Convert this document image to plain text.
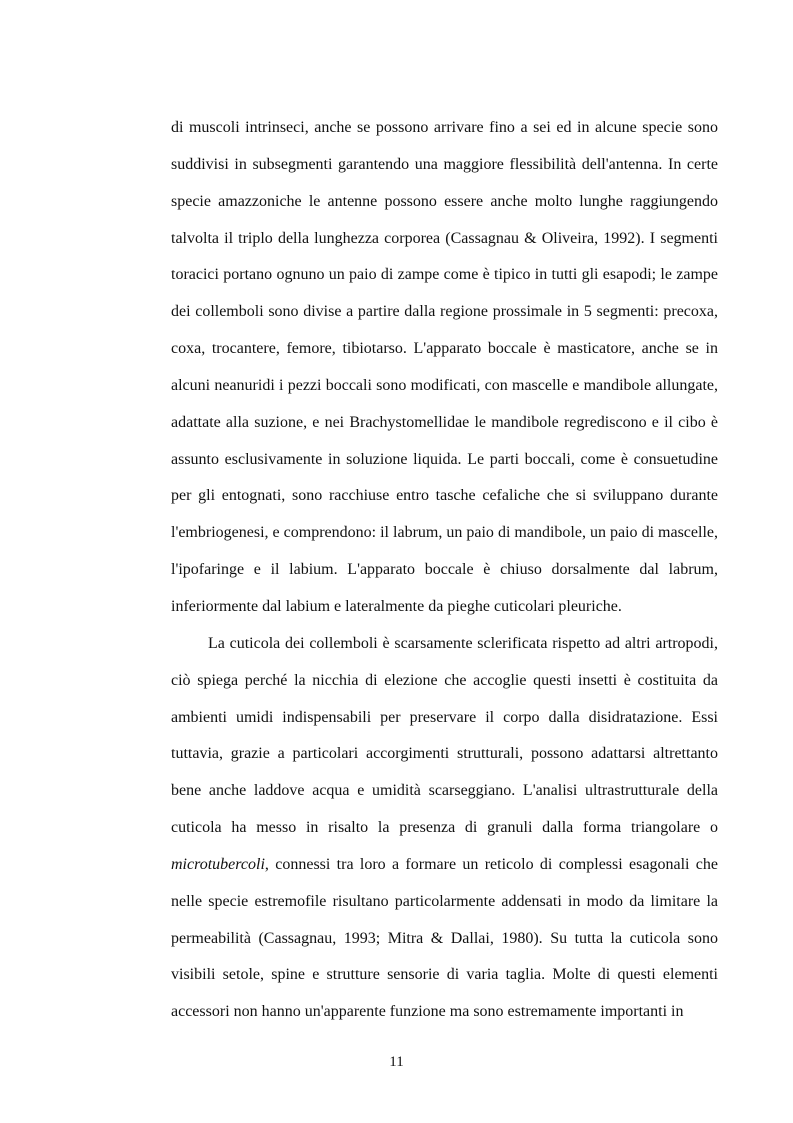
di muscoli intrinseci, anche se possono arrivare fino a sei ed in alcune specie sono suddivisi in subsegmenti garantendo una maggiore flessibilità dell'antenna. In certe specie amazzoniche le antenne possono essere anche molto lunghe raggiungendo talvolta il triplo della lunghezza corporea (Cassagnau & Oliveira, 1992). I segmenti toracici portano ognuno un paio di zampe come è tipico in tutti gli esapodi; le zampe dei collemboli sono divise a partire dalla regione prossimale in 5 segmenti: precoxa, coxa, trocantere, femore, tibiotarso. L'apparato boccale è masticatore, anche se in alcuni neanuridi i pezzi boccali sono modificati, con mascelle e mandibole allungate, adattate alla suzione, e nei Brachystomellidae le mandibole regrediscono e il cibo è assunto esclusivamente in soluzione liquida. Le parti boccali, come è consuetudine per gli entognati, sono racchiuse entro tasche cefaliche che si sviluppano durante l'embriogenesi, e comprendono: il labrum, un paio di mandibole, un paio di mascelle, l'ipofaringe e il labium. L'apparato boccale è chiuso dorsalmente dal labrum, inferiormente dal labium e lateralmente da pieghe cuticolari pleuriche.

La cuticola dei collemboli è scarsamente sclerificata rispetto ad altri artropodi, ciò spiega perché la nicchia di elezione che accoglie questi insetti è costituita da ambienti umidi indispensabili per preservare il corpo dalla disidratazione. Essi tuttavia, grazie a particolari accorgimenti strutturali, possono adattarsi altrettanto bene anche laddove acqua e umidità scarseggiano. L'analisi ultrastrutturale della cuticola ha messo in risalto la presenza di granuli dalla forma triangolare o microtubercoli, connessi tra loro a formare un reticolo di complessi esagonali che nelle specie estremofile risultano particolarmente addensati in modo da limitare la permeabilità (Cassagnau, 1993; Mitra & Dallai, 1980). Su tutta la cuticola sono visibili setole, spine e strutture sensorie di varia taglia. Molte di questi elementi accessori non hanno un'apparente funzione ma sono estremamente importanti in

11
